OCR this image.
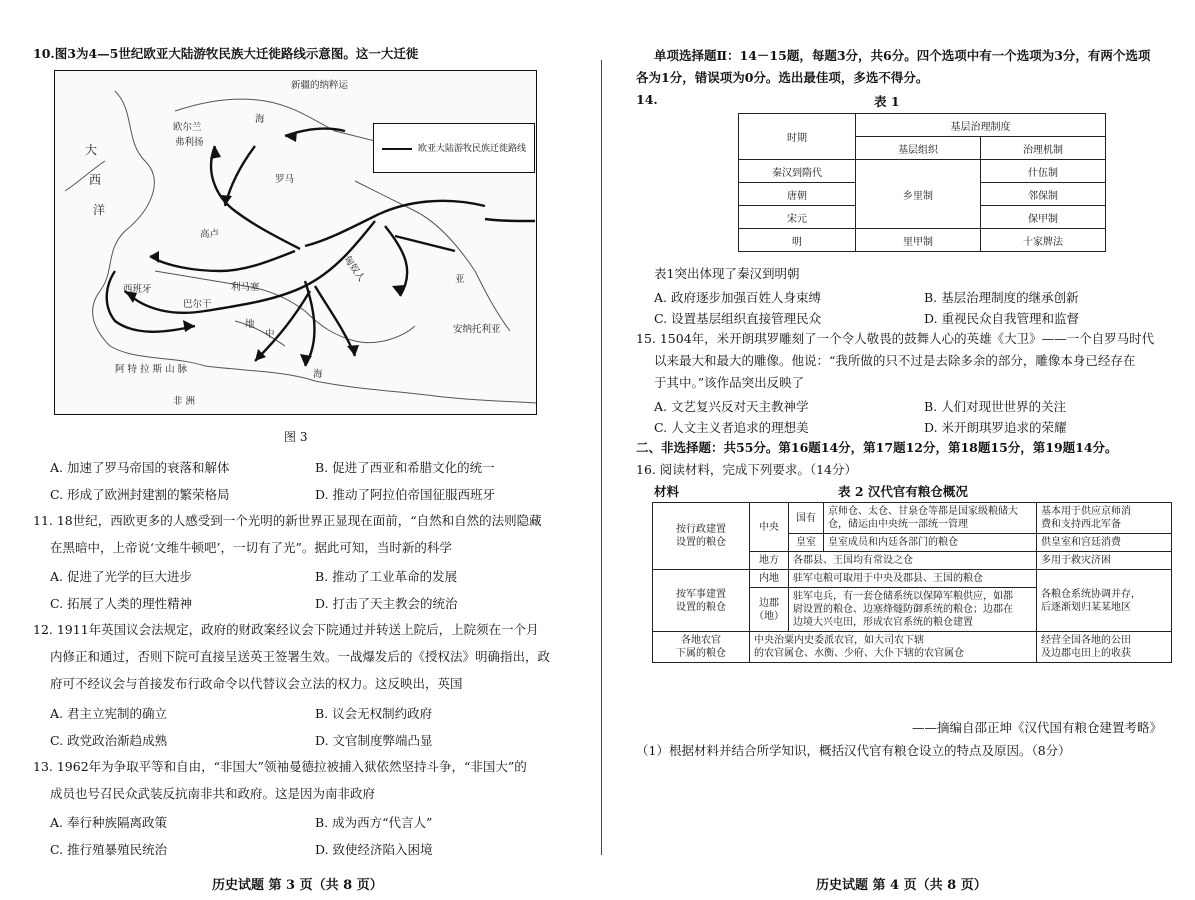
10.图3为4—5世纪欧亚大陆游牧民族大迁徙路线示意图。这一大迁徙
新疆的纳粹运
海
欧尔兰
弗利扬
大
西
洋
罗马
高卢
西班牙	利马塞
巴尔干
地
中
海
匈奴人
安纳托利亚
阿 特 拉 斯 山 脉
非 洲
亚
欧亚大陆游牧民族迁徙路线
图 3
A. 加速了罗马帝国的衰落和解体	B. 促进了西亚和希腊文化的统一
C. 形成了欧洲封建割的繁荣格局	D. 推动了阿拉伯帝国征服西班牙
11. 18世纪，西欧更多的人感受到一个光明的新世界正显现在面前，“自然和自然的法则隐藏
在黑暗中，上帝说‘文维牛顿吧’，一切有了光”。据此可知，当时新的科学
A. 促进了光学的巨大进步	B. 推动了工业革命的发展
C. 拓展了人类的理性精神	D. 打击了天主教会的统治
12. 1911年英国议会法规定，政府的财政案经议会下院通过并转送上院后，上院须在一个月
内修正和通过，否则下院可直接呈送英王签署生效。一战爆发后的《授权法》明确指出，政
府可不经议会与首接发布行政命令以代替议会立法的权力。这反映出，英国
A. 君主立宪制的确立	B. 议会无权制约政府
C. 政党政治渐趋成熟	D. 文官制度弊端凸显
13. 1962年为争取平等和自由，“非国大”领袖曼德拉被捕入狱依然坚持斗争，“非国大”的
成员也号召民众武装反抗南非共和政府。这是因为南非政府
A. 奉行种族隔离政策	B. 成为西方“代言人”
C. 推行殖暴殖民统治	D. 致使经济陷入困境
历史试题 第 3 页（共 8 页）
单项选择题Ⅱ：14－15题，每题3分，共6分。四个选项中有一个选项为3分，有两个选项
各为1分，错误项为0分。选出最佳项，多选不得分。
14.	表 1
时期	基层治理制度	
	基层组织	治理机制
秦汉到隋代	乡里制	什伍制
唐朝		邻保制
宋元		保甲制
明	里甲制	十家牌法
表1突出体现了秦汉到明朝
A. 政府逐步加强百姓人身束缚	B. 基层治理制度的继承创新
C. 设置基层组织直接管理民众	D. 重视民众自我管理和监督
15. 1504年，米开朗琪罗雕刻了一个令人敬畏的鼓舞人心的英雄《大卫》——一个自罗马时代
以来最大和最大的雕像。他说：“我所做的只不过是去除多余的部分，雕像本身已经存在
于其中。”该作品突出反映了
A. 文艺复兴反对天主教神学	B. 人们对现世世界的关注
C. 人文主义者追求的理想美	D. 米开朗琪罗追求的荣耀
二、非选择题：共55分。第16题14分，第17题12分，第18题15分，第19题14分。
16. 阅读材料，完成下列要求。（14分）
材料	表 2 汉代官有粮仓概况
按行政建置
设置的粮仓	中央	国有	京师仓、太仓、甘泉仓等都是国家级粮储大
仓，储运由中央统一部统一管理	基本用于供应京师消
费和支持西北军备
		皇室	皇室成员和内廷各部门的粮仓	供皇室和宫廷消费
	地方	各郡县、王国均有常设之仓		多用于救灾济困
按军事建置
设置的粮仓	内地	驻军屯粮可取用于中央及郡县、王国的粮仓		各粮仓系统协调并存，
后逐渐划归某某地区
	边郡
（地）	驻军屯兵，有一套仓储系统以保障军粮供应，如都
尉设置的粮仓、边塞烽燧防御系统的粮仓；边郡在
边境大兴屯田，形成农官系统的粮仓建置		
各地农官
下属的粮仓	中央治粟内史委派农官，如大司农下辖
的农官属仓、水衡、少府、大仆下辖的农官属仓			经营全国各地的公田
及边郡屯田上的收获
——摘编自邵正坤《汉代国有粮仓建置考略》
（1）根据材料并结合所学知识，概括汉代官有粮仓设立的特点及原因。（8分）
历史试题 第 4 页（共 8 页）
